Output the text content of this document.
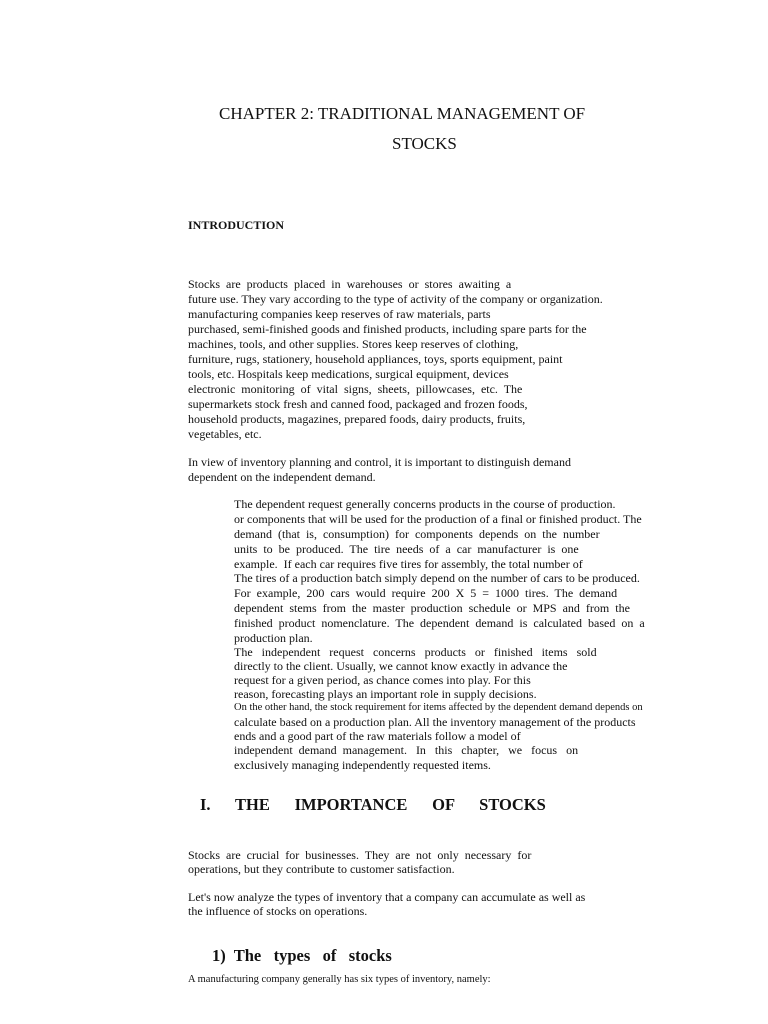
CHAPTER 2: TRADITIONAL MANAGEMENT OF
STOCKS
INTRODUCTION
Stocks  are  products  placed  in  warehouses  or  stores  awaiting  a
future use. They vary according to the type of activity of the company or organization.
manufacturing companies keep reserves of raw materials, parts
purchased, semi-finished goods and finished products, including spare parts for the
machines, tools, and other supplies. Stores keep reserves of clothing,
furniture, rugs, stationery, household appliances, toys, sports equipment, paint
tools, etc. Hospitals keep medications, surgical equipment, devices
electronic  monitoring  of  vital  signs,  sheets,  pillowcases,  etc.  The
supermarkets stock fresh and canned food, packaged and frozen foods,
household products, magazines, prepared foods, dairy products, fruits,
vegetables, etc.
In view of inventory planning and control, it is important to distinguish demand
dependent on the independent demand.
The dependent request generally concerns products in the course of production.
or components that will be used for the production of a final or finished product. The
demand  (that  is,  consumption)  for  components  depends  on  the  number
units  to  be  produced.  The  tire  needs  of  a  car  manufacturer  is  one
example.  If each car requires five tires for assembly, the total number of
The tires of a production batch simply depend on the number of cars to be produced.
For  example,  200  cars  would  require  200  X  5  =  1000  tires.  The  demand
dependent  stems  from  the  master  production  schedule  or  MPS  and  from  the
finished  product  nomenclature.  The  dependent  demand  is  calculated  based  on  a
production plan.
The   independent   request   concerns   products   or   finished   items   sold
directly to the client. Usually, we cannot know exactly in advance the
request for a given period, as chance comes into play. For this
reason, forecasting plays an important role in supply decisions.
On the other hand, the stock requirement for items affected by the dependent demand depends on
calculate based on a production plan. All the inventory management of the products
ends and a good part of the raw materials follow a model of
independent  demand  management.   In   this   chapter,   we   focus   on
exclusively managing independently requested items.
I.      THE      IMPORTANCE      OF      STOCKS
Stocks  are  crucial  for  businesses.  They  are  not  only  necessary  for
operations, but they contribute to customer satisfaction.
Let's now analyze the types of inventory that a company can accumulate as well as
the influence of stocks on operations.
1)  The   types   of   stocks
A manufacturing company generally has six types of inventory, namely:
